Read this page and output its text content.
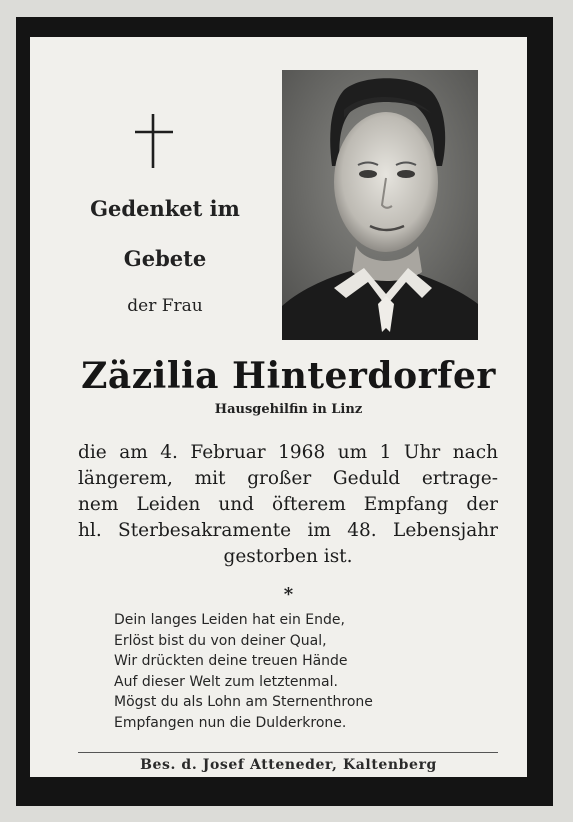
Gedenket im
Gebete
der Frau
Zäzilia Hinterdorfer
Hausgehilfin in Linz
die am 4. Februar 1968 um 1 Uhr nach
längerem, mit großer Geduld ertrage-
nem Leiden und öfterem Empfang der
hl. Sterbesakramente im 48. Lebensjahr
gestorben ist.
*
Dein langes Leiden hat ein Ende,
Erlöst bist du von deiner Qual,
Wir drückten deine treuen Hände
Auf dieser Welt zum letztenmal.
Mögst du als Lohn am Sternenthrone
Empfangen nun die Dulderkrone.
Bes. d. Josef Atteneder, Kaltenberg
